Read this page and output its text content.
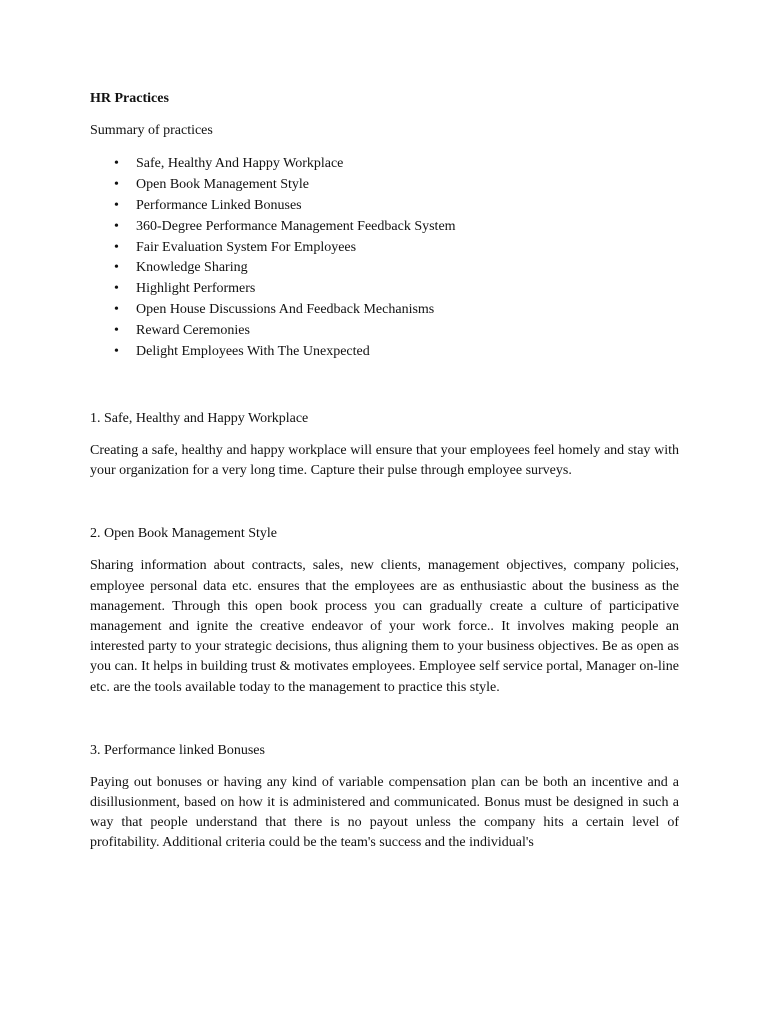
HR Practices

Summary of practices

• Safe, Healthy And Happy Workplace
• Open Book Management Style
• Performance Linked Bonuses
• 360-Degree Performance Management Feedback System
• Fair Evaluation System For Employees
• Knowledge Sharing
• Highlight Performers
• Open House Discussions And Feedback Mechanisms
• Reward Ceremonies
• Delight Employees With The Unexpected

1. Safe, Healthy and Happy Workplace

Creating a safe, healthy and happy workplace will ensure that your employees feel homely and stay with your organization for a very long time. Capture their pulse through employee surveys.

2. Open Book Management Style

Sharing information about contracts, sales, new clients, management objectives, company policies, employee personal data etc. ensures that the employees are as enthusiastic about the business as the management. Through this open book process you can gradually create a culture of participative management and ignite the creative endeavor of your work force.. It involves making people an interested party to your strategic decisions, thus aligning them to your business objectives. Be as open as you can. It helps in building trust & motivates employees. Employee self service portal, Manager on-line etc. are the tools available today to the management to practice this style.

3. Performance linked Bonuses

Paying out bonuses or having any kind of variable compensation plan can be both an incentive and a disillusionment, based on how it is administered and communicated. Bonus must be designed in such a way that people understand that there is no payout unless the company hits a certain level of profitability. Additional criteria could be the team's success and the individual's
